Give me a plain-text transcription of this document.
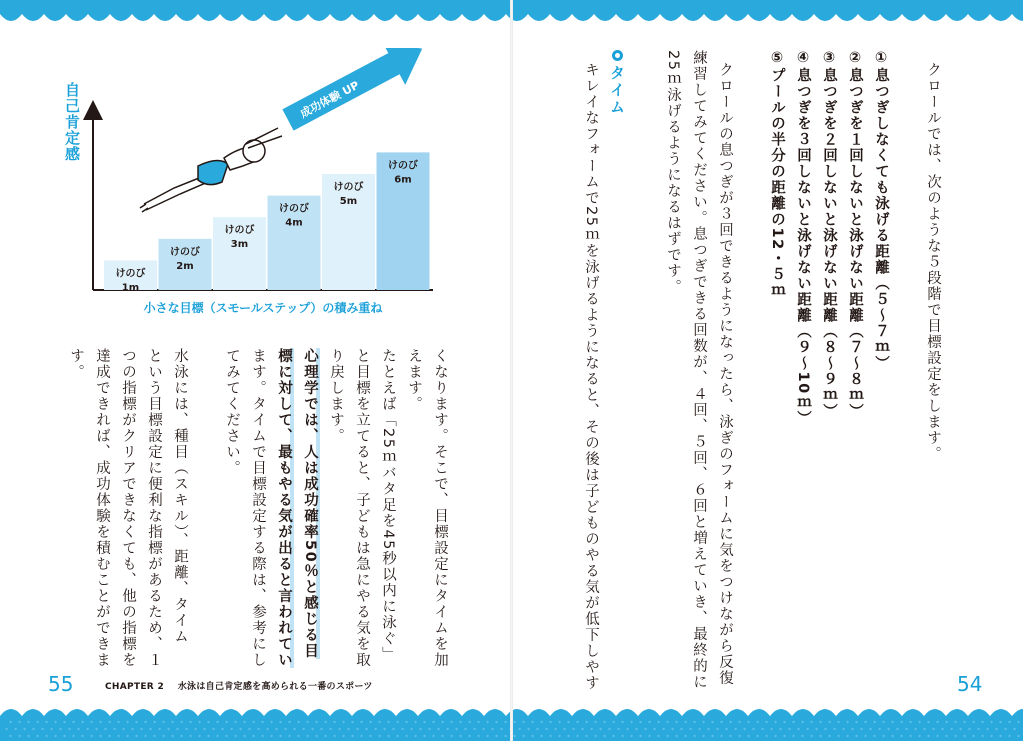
自己肯定感	成功体験 UP
けのび
1m
けのび
2m
けのび
3m
けのび
4m
けのび
5m
けのび
6m
小さな目標（スモールステップ）の積み重ね
くなります。そこで、目標設定にタイムを加
えます。
たとえば「25ｍバタ足を45秒以内に泳ぐ」
と目標を立てると、子どもは急にやる気を取
り戻します。
心理学では、人は成功確率50％と感じる目
標に対して、最もやる気が出ると言われてい
ます。タイムで目標設定する際は、参考にし
てみてください。
水泳には、種目（スキル）、距離、タイム
という目標設定に便利な指標があるため、１
つの指標がクリアできなくても、他の指標を
達成できれば、成功体験を積むことができま
す。
55	CHAPTER 2 水泳は自己肯定感を高められる一番のスポーツ
クロールでは、次のような５段階で目標設定をします。
①息つぎしなくても泳げる距離（５〜７ｍ）
②息つぎを１回しないと泳げない距離（７〜８ｍ）
③息つぎを２回しないと泳げない距離（８〜９ｍ）
④息つぎを３回しないと泳げない距離（９〜10ｍ）
⑤プールの半分の距離の12・５ｍ
クロールの息つぎが３回できるようになったら、泳ぎのフォームに気をつけながら反復
練習してみてください。息つぎできる回数が、４回、５回、６回と増えていき、最終的に
25ｍ泳げるようになるはずです。
タイム
キレイなフォームで25ｍを泳げるようになると、その後は子どものやる気が低下しやす	54
